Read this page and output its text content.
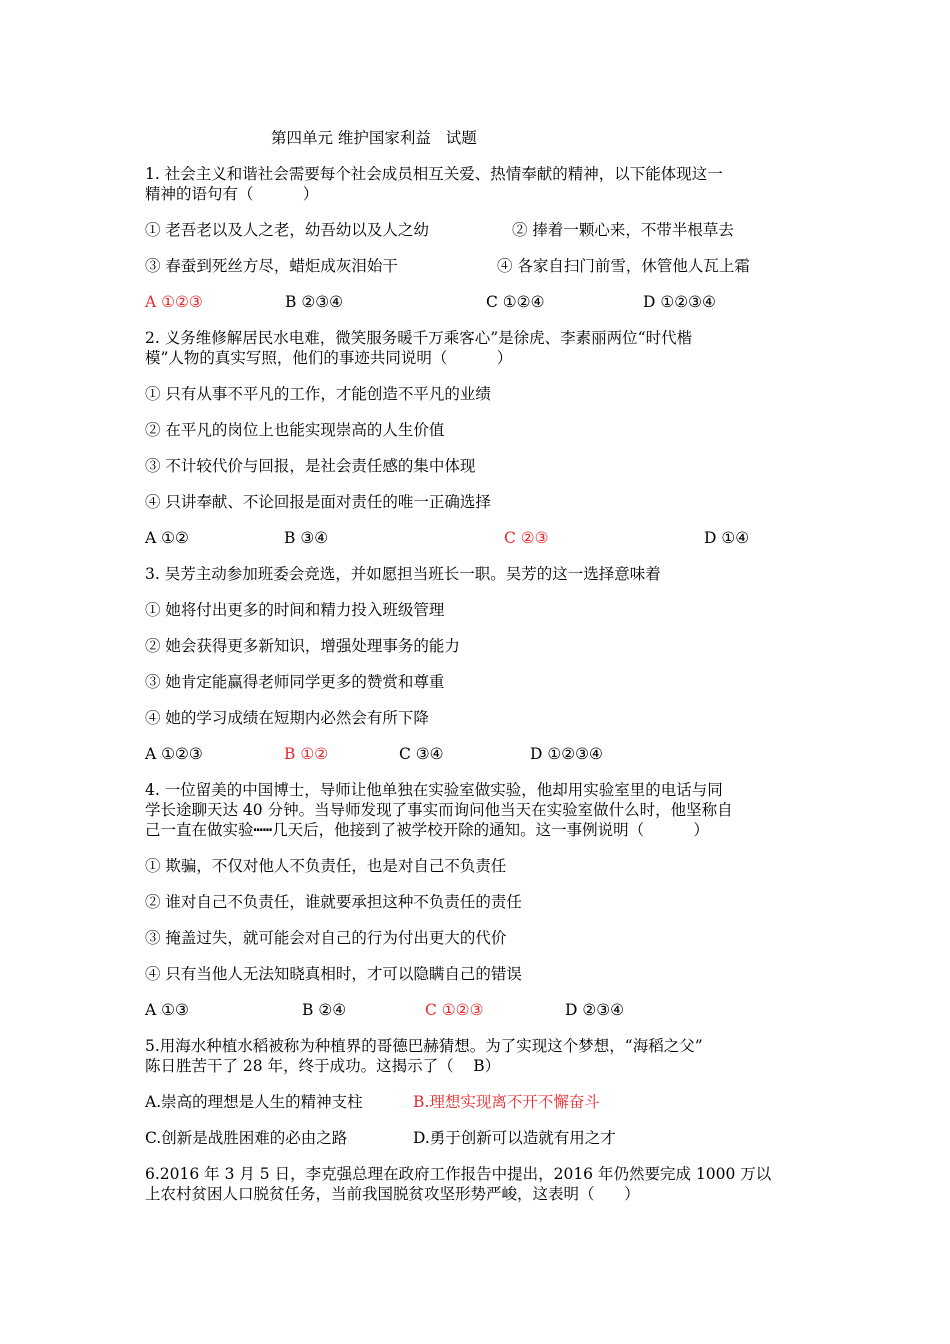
第四单元 维护国家利益   试题
1. 社会主义和谐社会需要每个社会成员相互关爱、热情奉献的精神，以下能体现这一
精神的语句有（          ）
① 老吾老以及人之老，幼吾幼以及人之幼	② 捧着一颗心来，不带半根草去
③ 春蚕到死丝方尽，蜡炬成灰泪始干	④ 各家自扫门前雪，休管他人瓦上霜
A ①②③	B ②③④	C ①②④	D ①②③④
2. 义务维修解居民水电难，微笑服务暖千万乘客心”是徐虎、李素丽两位“时代楷
模”人物的真实写照，他们的事迹共同说明（          ）
① 只有从事不平凡的工作，才能创造不平凡的业绩
② 在平凡的岗位上也能实现崇高的人生价值
③ 不计较代价与回报，是社会责任感的集中体现
④ 只讲奉献、不论回报是面对责任的唯一正确选择
A ①②	B ③④	C ②③	D ①④
3. 吴芳主动参加班委会竞选，并如愿担当班长一职。吴芳的这一选择意味着
① 她将付出更多的时间和精力投入班级管理
② 她会获得更多新知识，增强处理事务的能力
③ 她肯定能赢得老师同学更多的赞赏和尊重
④ 她的学习成绩在短期内必然会有所下降
A ①②③	B ①②	C ③④	D ①②③④
4. 一位留美的中国博士，导师让他单独在实验室做实验，他却用实验室里的电话与同
学长途聊天达 40 分钟。当导师发现了事实而询问他当天在实验室做什么时，他坚称自
己一直在做实验┅┅几天后，他接到了被学校开除的通知。这一事例说明（          ）
① 欺骗，不仅对他人不负责任，也是对自己不负责任
② 谁对自己不负责任，谁就要承担这种不负责任的责任
③ 掩盖过失，就可能会对自己的行为付出更大的代价
④ 只有当他人无法知晓真相时，才可以隐瞒自己的错误
A ①③	B ②④	C ①②③	D ②③④
5.用海水种植水稻被称为种植界的哥德巴赫猜想。为了实现这个梦想，“海稻之父”
陈日胜苦干了 28 年，终于成功。这揭示了（    B）
A.崇高的理想是人生的精神支柱	B.理想实现离不开不懈奋斗
C.创新是战胜困难的必由之路	D.勇于创新可以造就有用之才
6.2016 年 3 月 5 日，李克强总理在政府工作报告中提出，2016 年仍然要完成 1000 万以
上农村贫困人口脱贫任务，当前我国脱贫攻坚形势严峻，这表明（      ）
